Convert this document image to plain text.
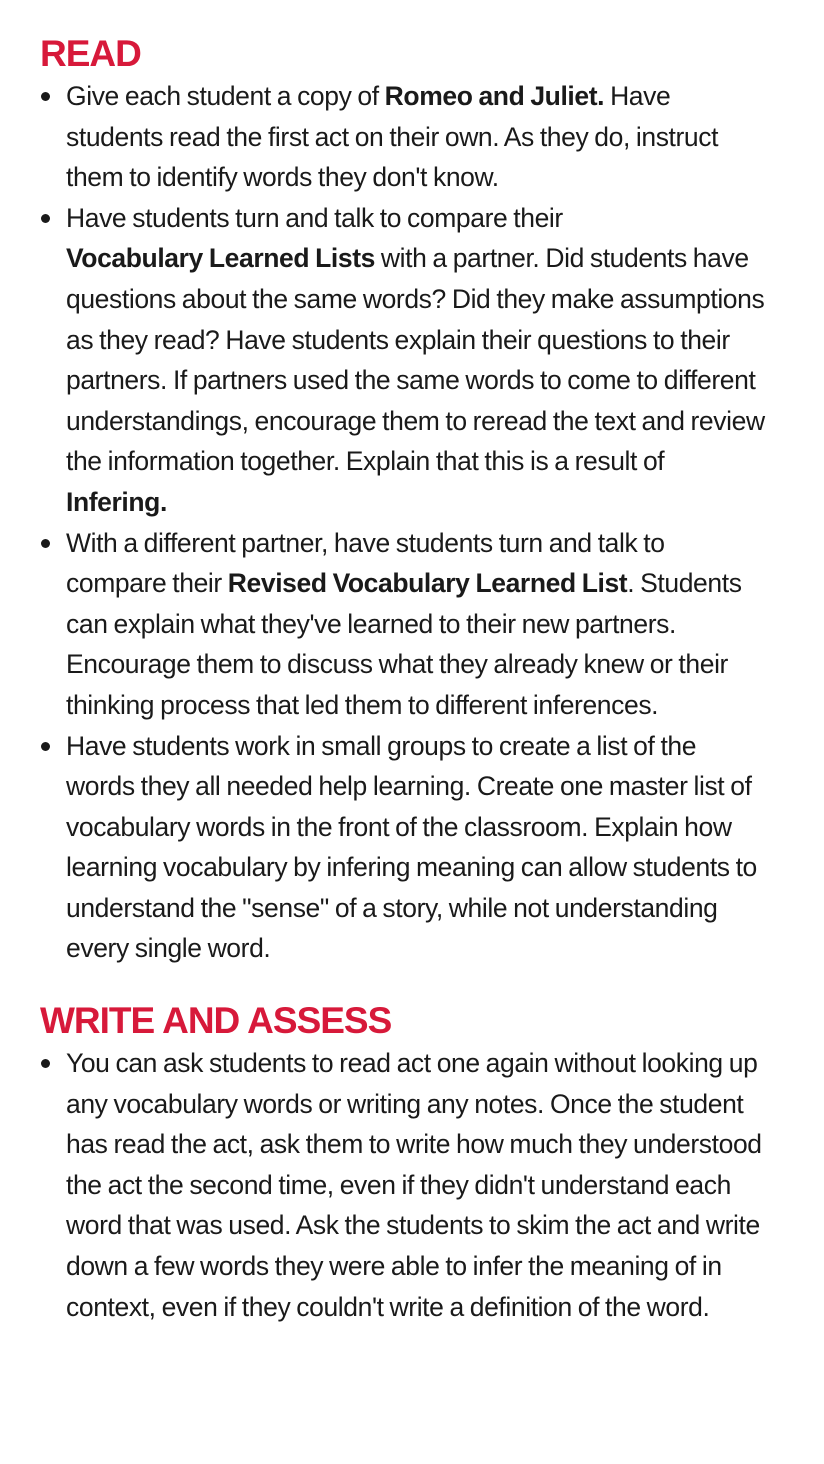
READ
Give each student a copy of Romeo and Juliet. Have students read the first act on their own. As they do, instruct them to identify words they don't know.
Have students turn and talk to compare their
Vocabulary Learned Lists with a partner. Did students have questions about the same words? Did they make assumptions as they read? Have students explain their questions to their partners. If partners used the same words to come to different understandings, encourage them to reread the text and review the information together. Explain that this is a result of Infering.
With a different partner, have students turn and talk to compare their Revised Vocabulary Learned List. Students can explain what they've learned to their new partners. Encourage them to discuss what they already knew or their thinking process that led them to different inferences.
Have students work in small groups to create a list of the words they all needed help learning. Create one master list of vocabulary words in the front of the classroom. Explain how learning vocabulary by infering meaning can allow students to understand the "sense" of a story, while not understanding every single word.
WRITE AND ASSESS
You can ask students to read act one again without looking up any vocabulary words or writing any notes. Once the student has read the act, ask them to write how much they understood the act the second time, even if they didn't understand each word that was used. Ask the students to skim the act and write down a few words they were able to infer the meaning of in context, even if they couldn't write a definition of the word.
